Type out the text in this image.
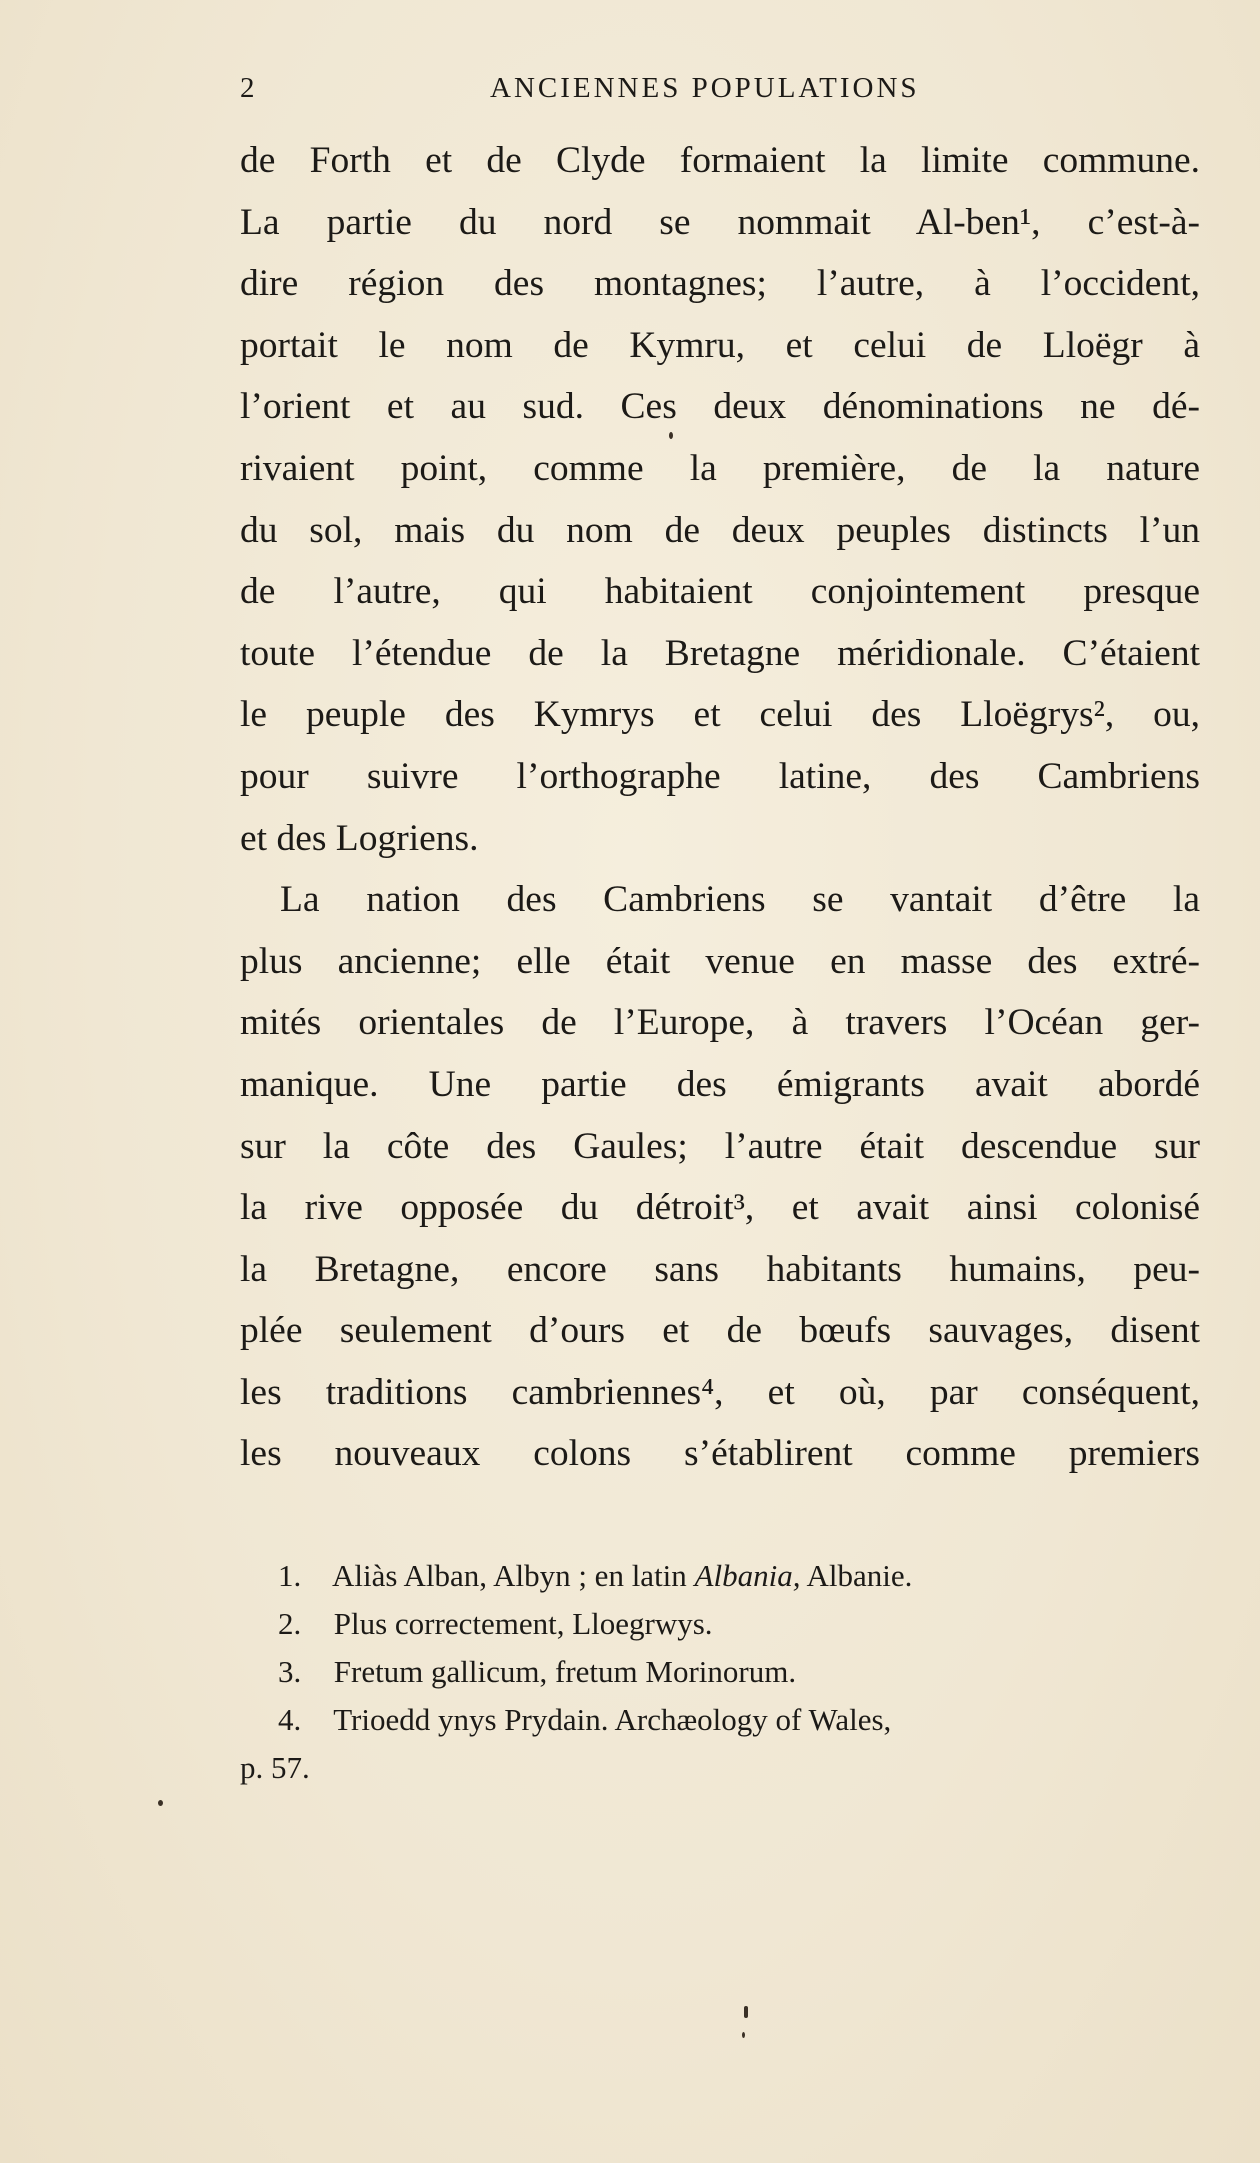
2	ANCIENNES POPULATIONS
de Forth et de Clyde formaient la limite commune.
La partie du nord se nommait Al-ben¹, c’est-à-
dire région des montagnes; l’autre, à l’occident,
portait le nom de Kymru, et celui de Lloëgr à
l’orient et au sud. Ces deux dénominations ne dé-
rivaient point, comme la première, de la nature
du sol, mais du nom de deux peuples distincts l’un
de l’autre, qui habitaient conjointement presque
toute l’étendue de la Bretagne méridionale. C’étaient
le peuple des Kymrys et celui des Lloëgrys², ou,
pour suivre l’orthographe latine, des Cambriens
et des Logriens.
La nation des Cambriens se vantait d’être la
plus ancienne; elle était venue en masse des extré-
mités orientales de l’Europe, à travers l’Océan ger-
manique. Une partie des émigrants avait abordé
sur la côte des Gaules; l’autre était descendue sur
la rive opposée du détroit³, et avait ainsi colonisé
la Bretagne, encore sans habitants humains, peu-
plée seulement d’ours et de bœufs sauvages, disent
les traditions cambriennes⁴, et où, par conséquent,
les nouveaux colons s’établirent comme premiers
1. Aliàs Alban, Albyn ; en latin Albania, Albanie.
2. Plus correctement, Lloegrwys.
3. Fretum gallicum, fretum Morinorum.
4. Trioedd ynys Prydain. Archæology of Wales,
p. 57.
